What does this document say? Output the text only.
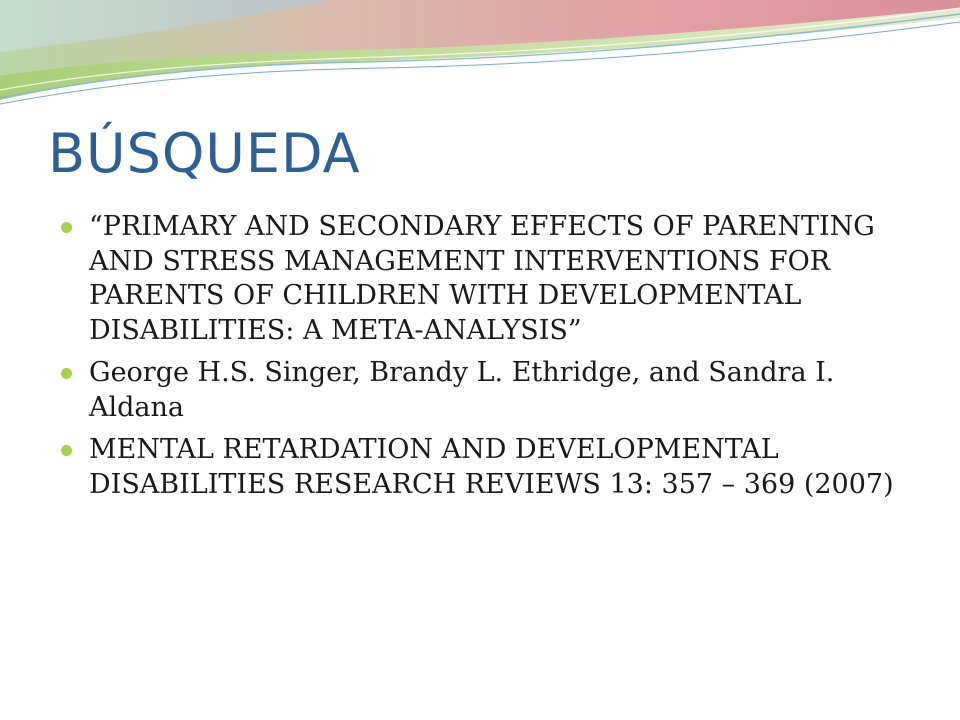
BÚSQUEDA
“PRIMARY AND SECONDARY EFFECTS OF PARENTING AND STRESS MANAGEMENT INTERVENTIONS FOR PARENTS OF CHILDREN WITH DEVELOPMENTAL DISABILITIES: A META-ANALYSIS”
George H.S. Singer, Brandy L. Ethridge, and Sandra I. Aldana
MENTAL RETARDATION AND DEVELOPMENTAL DISABILITIES RESEARCH REVIEWS 13: 357 – 369 (2007)
